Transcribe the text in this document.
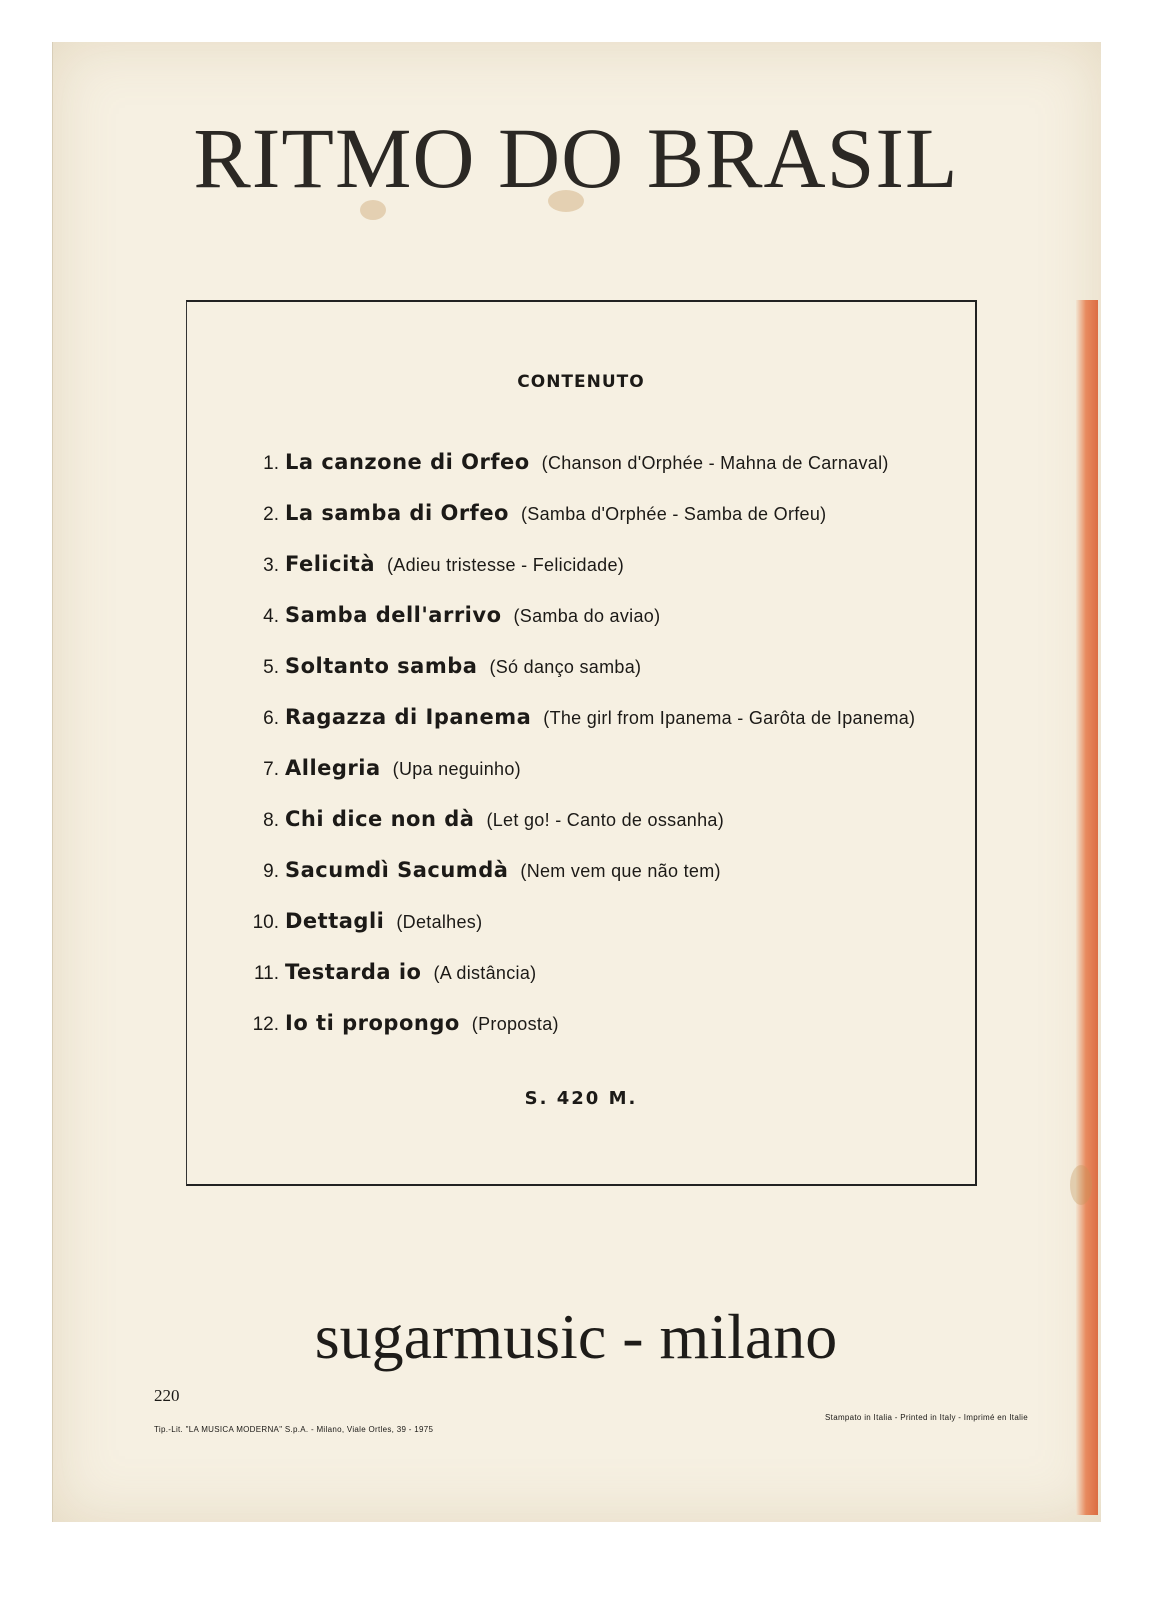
RITMO DO BRASIL
CONTENUTO
1. La canzone di Orfeo (Chanson d'Orphée - Mahna de Carnaval)
2. La samba di Orfeo (Samba d'Orphée - Samba de Orfeu)
3. Felicità (Adieu tristesse - Felicidade)
4. Samba dell'arrivo (Samba do aviao)
5. Soltanto samba (Só danço samba)
6. Ragazza di Ipanema (The girl from Ipanema - Garôta de Ipanema)
7. Allegria (Upa neguinho)
8. Chi dice non dà (Let go! - Canto de ossanha)
9. Sacumdì Sacumdà (Nem vem que não tem)
10. Dettagli (Detalhes)
11. Testarda io (A distância)
12. Io ti propongo (Proposta)
S. 420 M.
sugarmusic - milano
220
Tip.-Lit. "LA MUSICA MODERNA" S.p.A. - Milano, Viale Ortles, 39 - 1975
Stampato in Italia - Printed in Italy - Imprimé en Italie
